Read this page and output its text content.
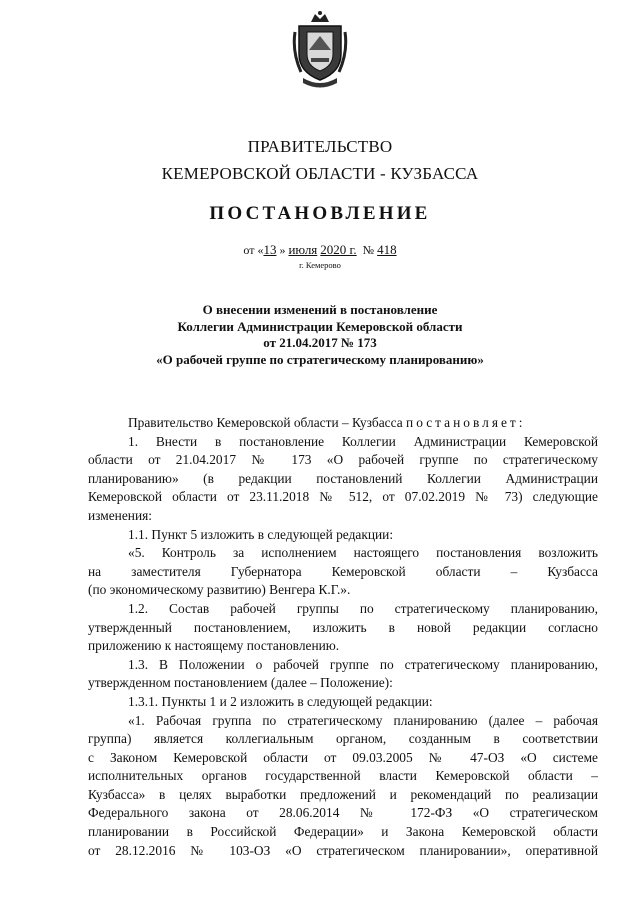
ПРАВИТЕЛЬСТВО
КЕМЕРОВСКОЙ ОБЛАСТИ - КУЗБАССА
ПОСТАНОВЛЕНИЕ
от «13 » июля 2020 г. № 418
г. Кемерово
О внесении изменений в постановление
Коллегии Администрации Кемеровской области
от 21.04.2017 № 173
«О рабочей группе по стратегическому планированию»
Правительство Кемеровской области – Кузбасса постановляет:
1. Внести в постановление Коллегии Администрации Кемеровской
области от 21.04.2017 № 173 «О рабочей группе по стратегическому
планированию» (в редакции постановлений Коллегии Администрации
Кемеровской области от 23.11.2018 № 512, от 07.02.2019 № 73) следующие
изменения:
1.1. Пункт 5 изложить в следующей редакции:
«5. Контроль за исполнением настоящего постановления возложить
на заместителя Губернатора Кемеровской области – Кузбасса
(по экономическому развитию) Венгера К.Г.».
1.2. Состав рабочей группы по стратегическому планированию,
утвержденный постановлением, изложить в новой редакции согласно
приложению к настоящему постановлению.
1.3. В Положении о рабочей группе по стратегическому планированию,
утвержденном постановлением (далее – Положение):
1.3.1. Пункты 1 и 2 изложить в следующей редакции:
«1. Рабочая группа по стратегическому планированию (далее – рабочая
группа) является коллегиальным органом, созданным в соответствии
с Законом Кемеровской области от 09.03.2005 № 47-ОЗ «О системе
исполнительных органов государственной власти Кемеровской области –
Кузбасса» в целях выработки предложений и рекомендаций по реализации
Федерального закона от 28.06.2014 № 172-ФЗ «О стратегическом
планировании в Российской Федерации» и Закона Кемеровской области
от 28.12.2016 № 103-ОЗ «О стратегическом планировании», оперативной
